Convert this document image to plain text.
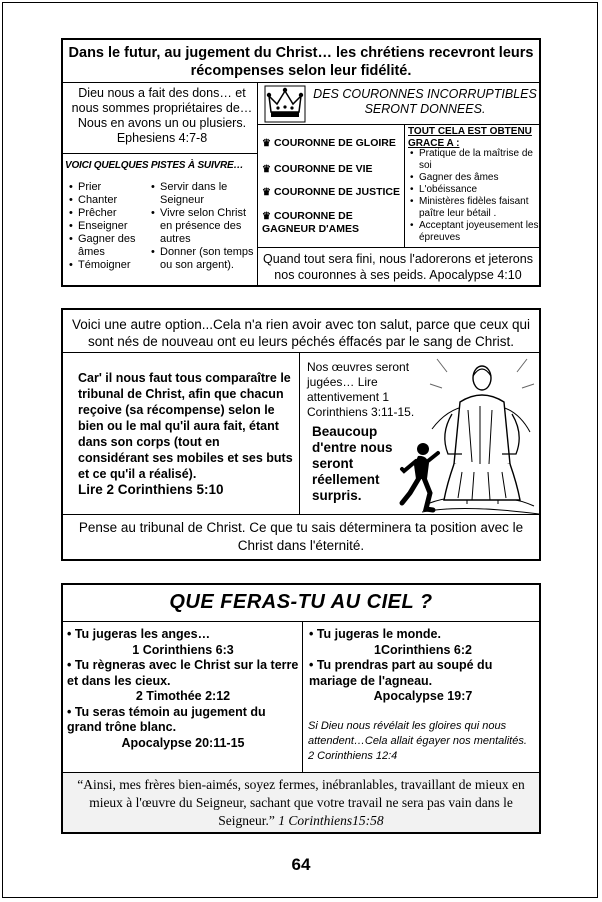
Dans le futur, au jugement du Christ… les chrétiens recevront leurs récompenses selon leur fidélité.
Dieu nous a fait des dons… et nous sommes propriétaires de… Nous en avons un ou plusiers. Ephesiens 4:7-8
VOICI QUELQUES PISTES À SUIVRE…
• Prier
• Chanter
• Prêcher
• Enseigner
• Gagner des âmes
• Témoigner
• Servir dans le Seigneur
• Vivre selon Christ en présence des autres
• Donner (son temps ou son argent).
DES COURONNES INCORRUPTIBLES SERONT DONNEES.
♛ COURONNE DE GLOIRE
♛ COURONNE DE VIE
♛ COURONNE DE JUSTICE
♛ COURONNE DE GAGNEUR D'AMES
TOUT CELA EST OBTENU GRACE A :
• Pratique de la maîtrise de soi
• Gagner des âmes
• L'obéissance
• Ministères fidèles faisant paître leur bétail .
• Acceptant joyeusement les épreuves
Quand tout sera fini, nous l'adorerons et jeterons nos couronnes à ses peids. Apocalypse 4:10
Voici une autre option...Cela n'a rien avoir avec ton salut, parce que ceux qui sont nés de nouveau ont eu leurs péchés éffacés par le sang de Christ.
Car' il nous faut tous comparaître le tribunal de Christ, afin que chacun reçoive (sa récompense) selon le bien ou le mal qu'il aura fait, étant dans son corps (tout en considérant ses mobiles et ses buts et ce qu'il a réalisé).
Lire 2 Corinthiens 5:10
Nos œuvres seront jugées… Lire attentivement 1 Corinthiens 3:11-15.
Beaucoup d'entre nous seront réellement surpris.
Pense au tribunal de Christ. Ce que tu sais déterminera ta position avec le Christ dans l'éternité.
QUE FERAS-TU AU CIEL ?

• Tu jugeras les anges…

1 Corinthiens 6:3

• Tu règneras avec le Christ sur la terre et dans les cieux.

2 Timothée 2:12

• Tu seras témoin au jugement du grand trône blanc.

Apocalypse 20:11-15

• Tu jugeras le monde.

1Corinthiens 6:2

• Tu prendras part au soupé du mariage de l'agneau.

Apocalypse 19:7

Si Dieu nous révélait les gloires qui nous attendent…Cela allait égayer nos mentalités. 2 Corinthiens 12:4
“Ainsi, mes frères bien-aimés, soyez fermes, inébranlables, travaillant de mieux en mieux à l'œuvre du Seigneur, sachant que votre travail ne sera pas vain dans le Seigneur.” 1 Corinthiens15:58
64
